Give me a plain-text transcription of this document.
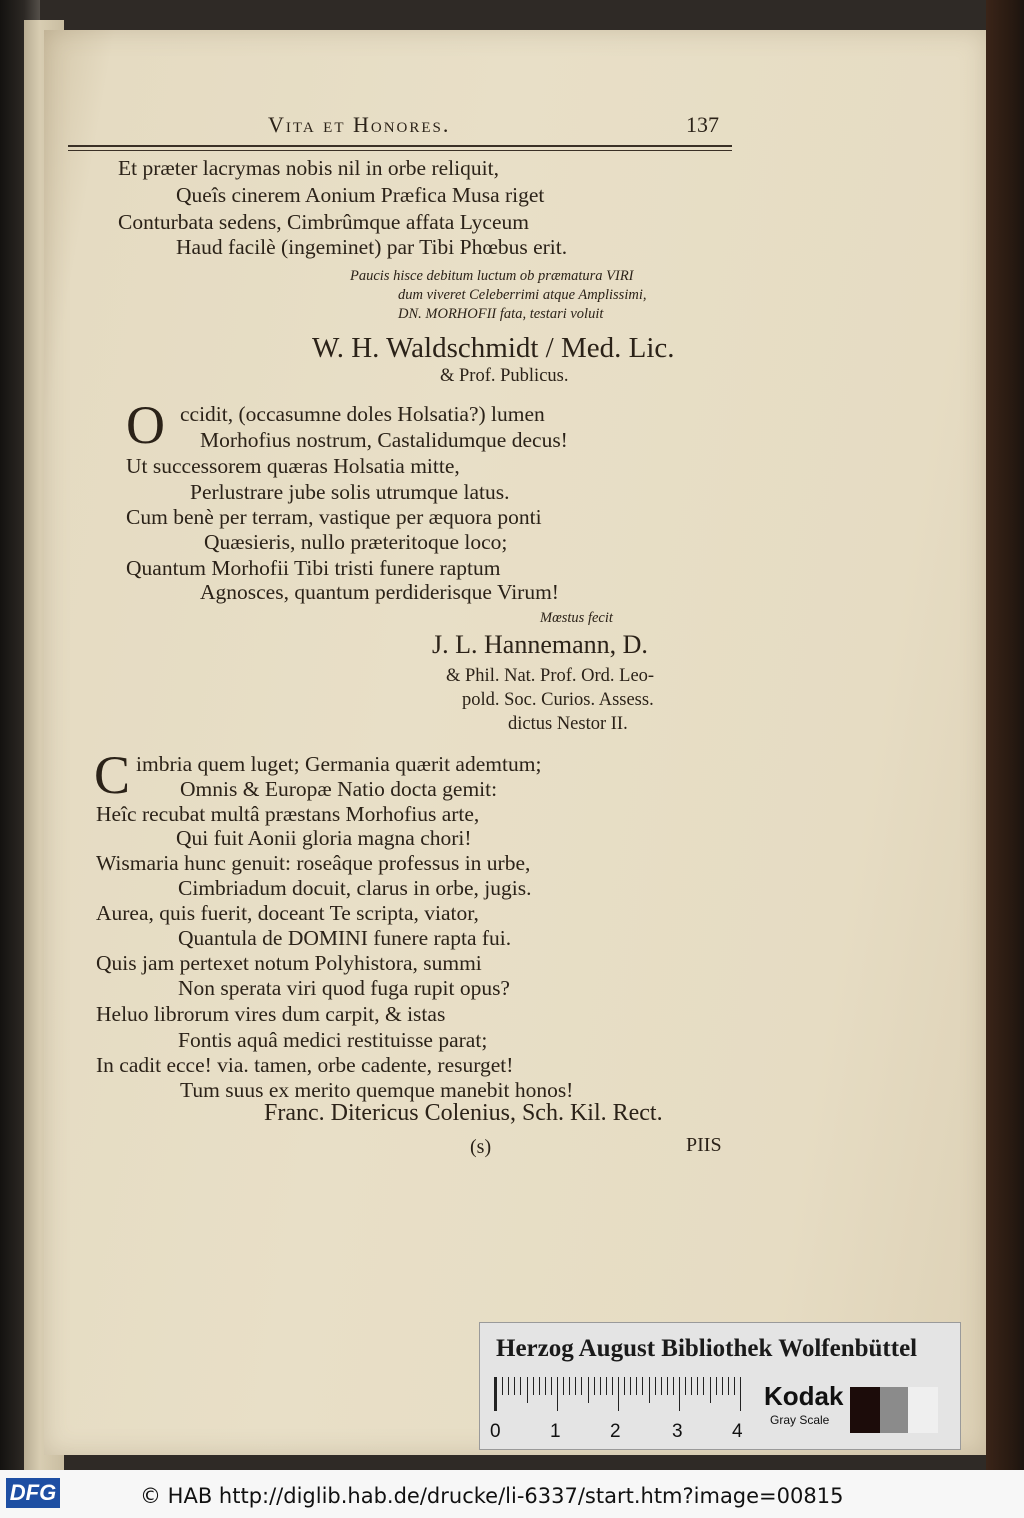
Vita et Honores.	137
Et præter lacrymas nobis nil in orbe reliquit,
Queîs cinerem Aonium Præfica Musa riget
Conturbata sedens, Cimbrûmque affata Lyceum
Haud facilè (ingeminet) par Tibi Phœbus erit.
Paucis hisce debitum luctum ob præmatura VIRI
dum viveret Celeberrimi atque Amplissimi,
DN. MORHOFII fata, testari voluit
W. H. Waldschmidt / Med. Lic.
& Prof. Publicus.
O ccidit, (occasumne doles Holsatia?) lumen
Morhofius nostrum, Castalidumque decus!
Ut successorem quæras Holsatia mitte,
Perlustrare jube solis utrumque latus.
Cum benè per terram, vastique per æquora ponti
Quæsieris, nullo præteritoque loco;
Quantum Morhofii Tibi tristi funere raptum
Agnosces, quantum perdiderisque Virum!
Mœstus fecit
J. L. Hannemann, D.
& Phil. Nat. Prof. Ord. Leo-
pold. Soc. Curios. Assess.
dictus Nestor II.
C imbria quem luget; Germania quærit ademtum;
Omnis & Europæ Natio docta gemit:
Heîc recubat multâ præstans Morhofius arte,
Qui fuit Aonii gloria magna chori!
Wismaria hunc genuit: roseâque professus in urbe,
Cimbriadum docuit, clarus in orbe, jugis.
Aurea, quis fuerit, doceant Te scripta, viator,
Quantula de DOMINI funere rapta fui.
Quis jam pertexet notum Polyhistora, summi
Non sperata viri quod fuga rupit opus?
Heluo librorum vires dum carpit, & istas
Fontis aquâ medici restituisse parat;
In cadit ecce! via. tamen, orbe cadente, resurget!
Tum suus ex merito quemque manebit honos!
Franc. Ditericus Colenius, Sch. Kil. Rect.
(s)	PIIS
Herzog August Bibliothek Wolfenbüttel
0	1	2	3	4
Kodak
Gray Scale
DFG	© HAB http://diglib.hab.de/drucke/li-6337/start.htm?image=00815
